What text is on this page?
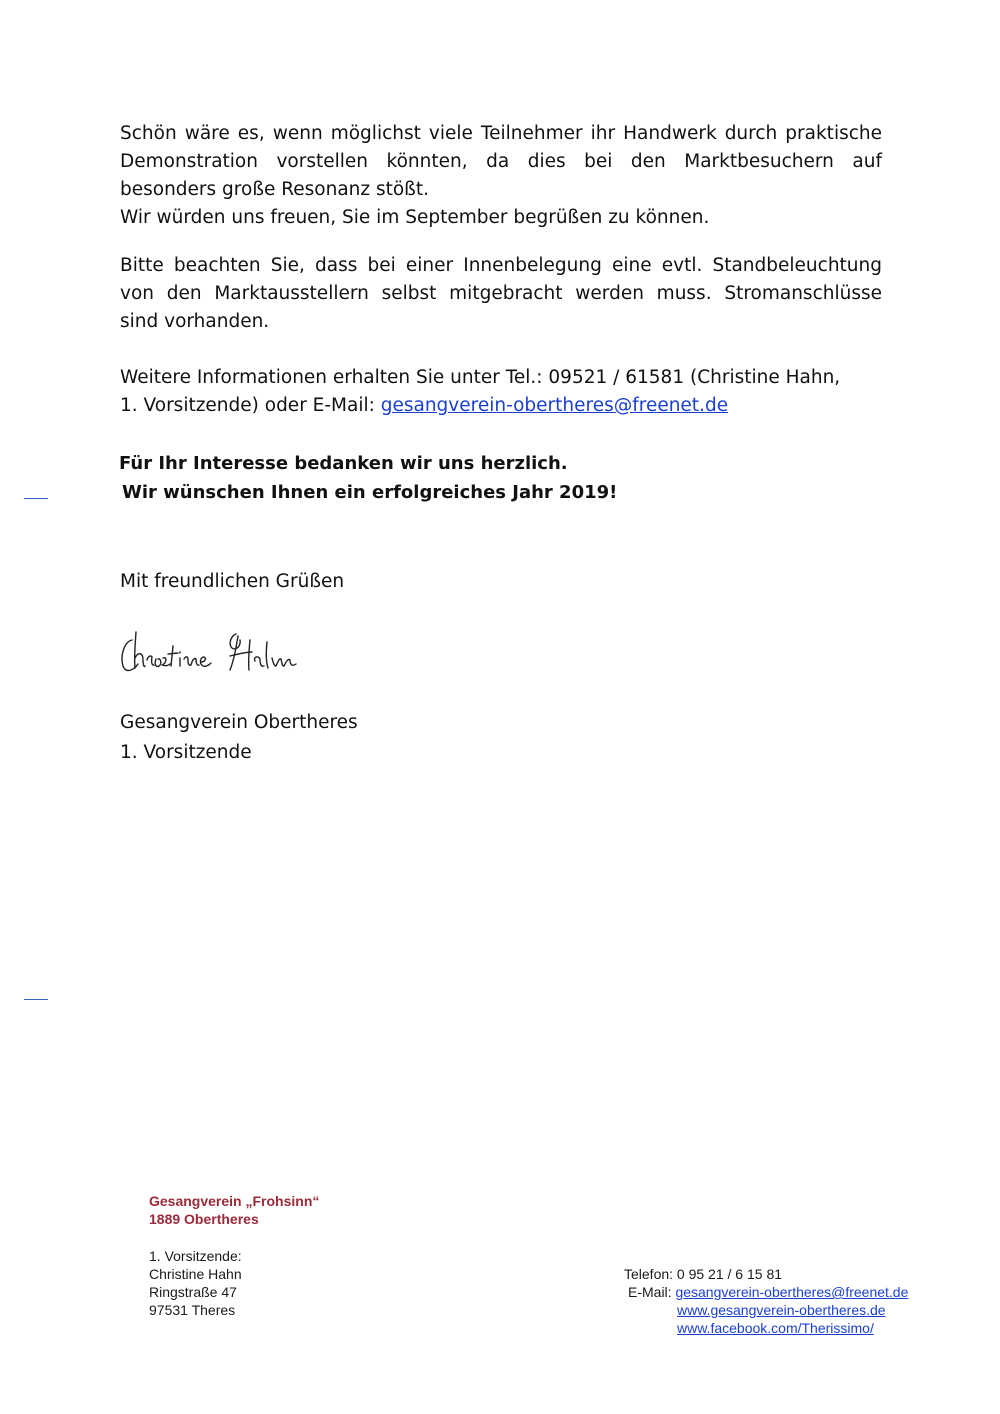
Schön wäre es, wenn möglichst viele Teilnehmer ihr Handwerk durch praktische
Demonstration vorstellen könnten, da dies bei den Marktbesuchern auf
besonders große Resonanz stößt.
Wir würden uns freuen, Sie im September begrüßen zu können.
Bitte beachten Sie, dass bei einer Innenbelegung eine evtl. Standbeleuchtung
von den Marktausstellern selbst mitgebracht werden muss. Stromanschlüsse
sind vorhanden.
Weitere Informationen erhalten Sie unter Tel.: 09521 / 61581 (Christine Hahn,
1. Vorsitzende) oder E-Mail: gesangverein-obertheres@freenet.de
Für Ihr Interesse bedanken wir uns herzlich.
Wir wünschen Ihnen ein erfolgreiches Jahr 2019!
Mit freundlichen Grüßen
Gesangverein Obertheres
1. Vorsitzende
Gesangverein „Frohsinn“
1889 Obertheres
1. Vorsitzende:
Christine Hahn
Ringstraße 47
97531 Theres
Telefon: 0 95 21 / 6 15 81
E-Mail: gesangverein-obertheres@freenet.de
www.gesangverein-obertheres.de
www.facebook.com/Therissimo/
